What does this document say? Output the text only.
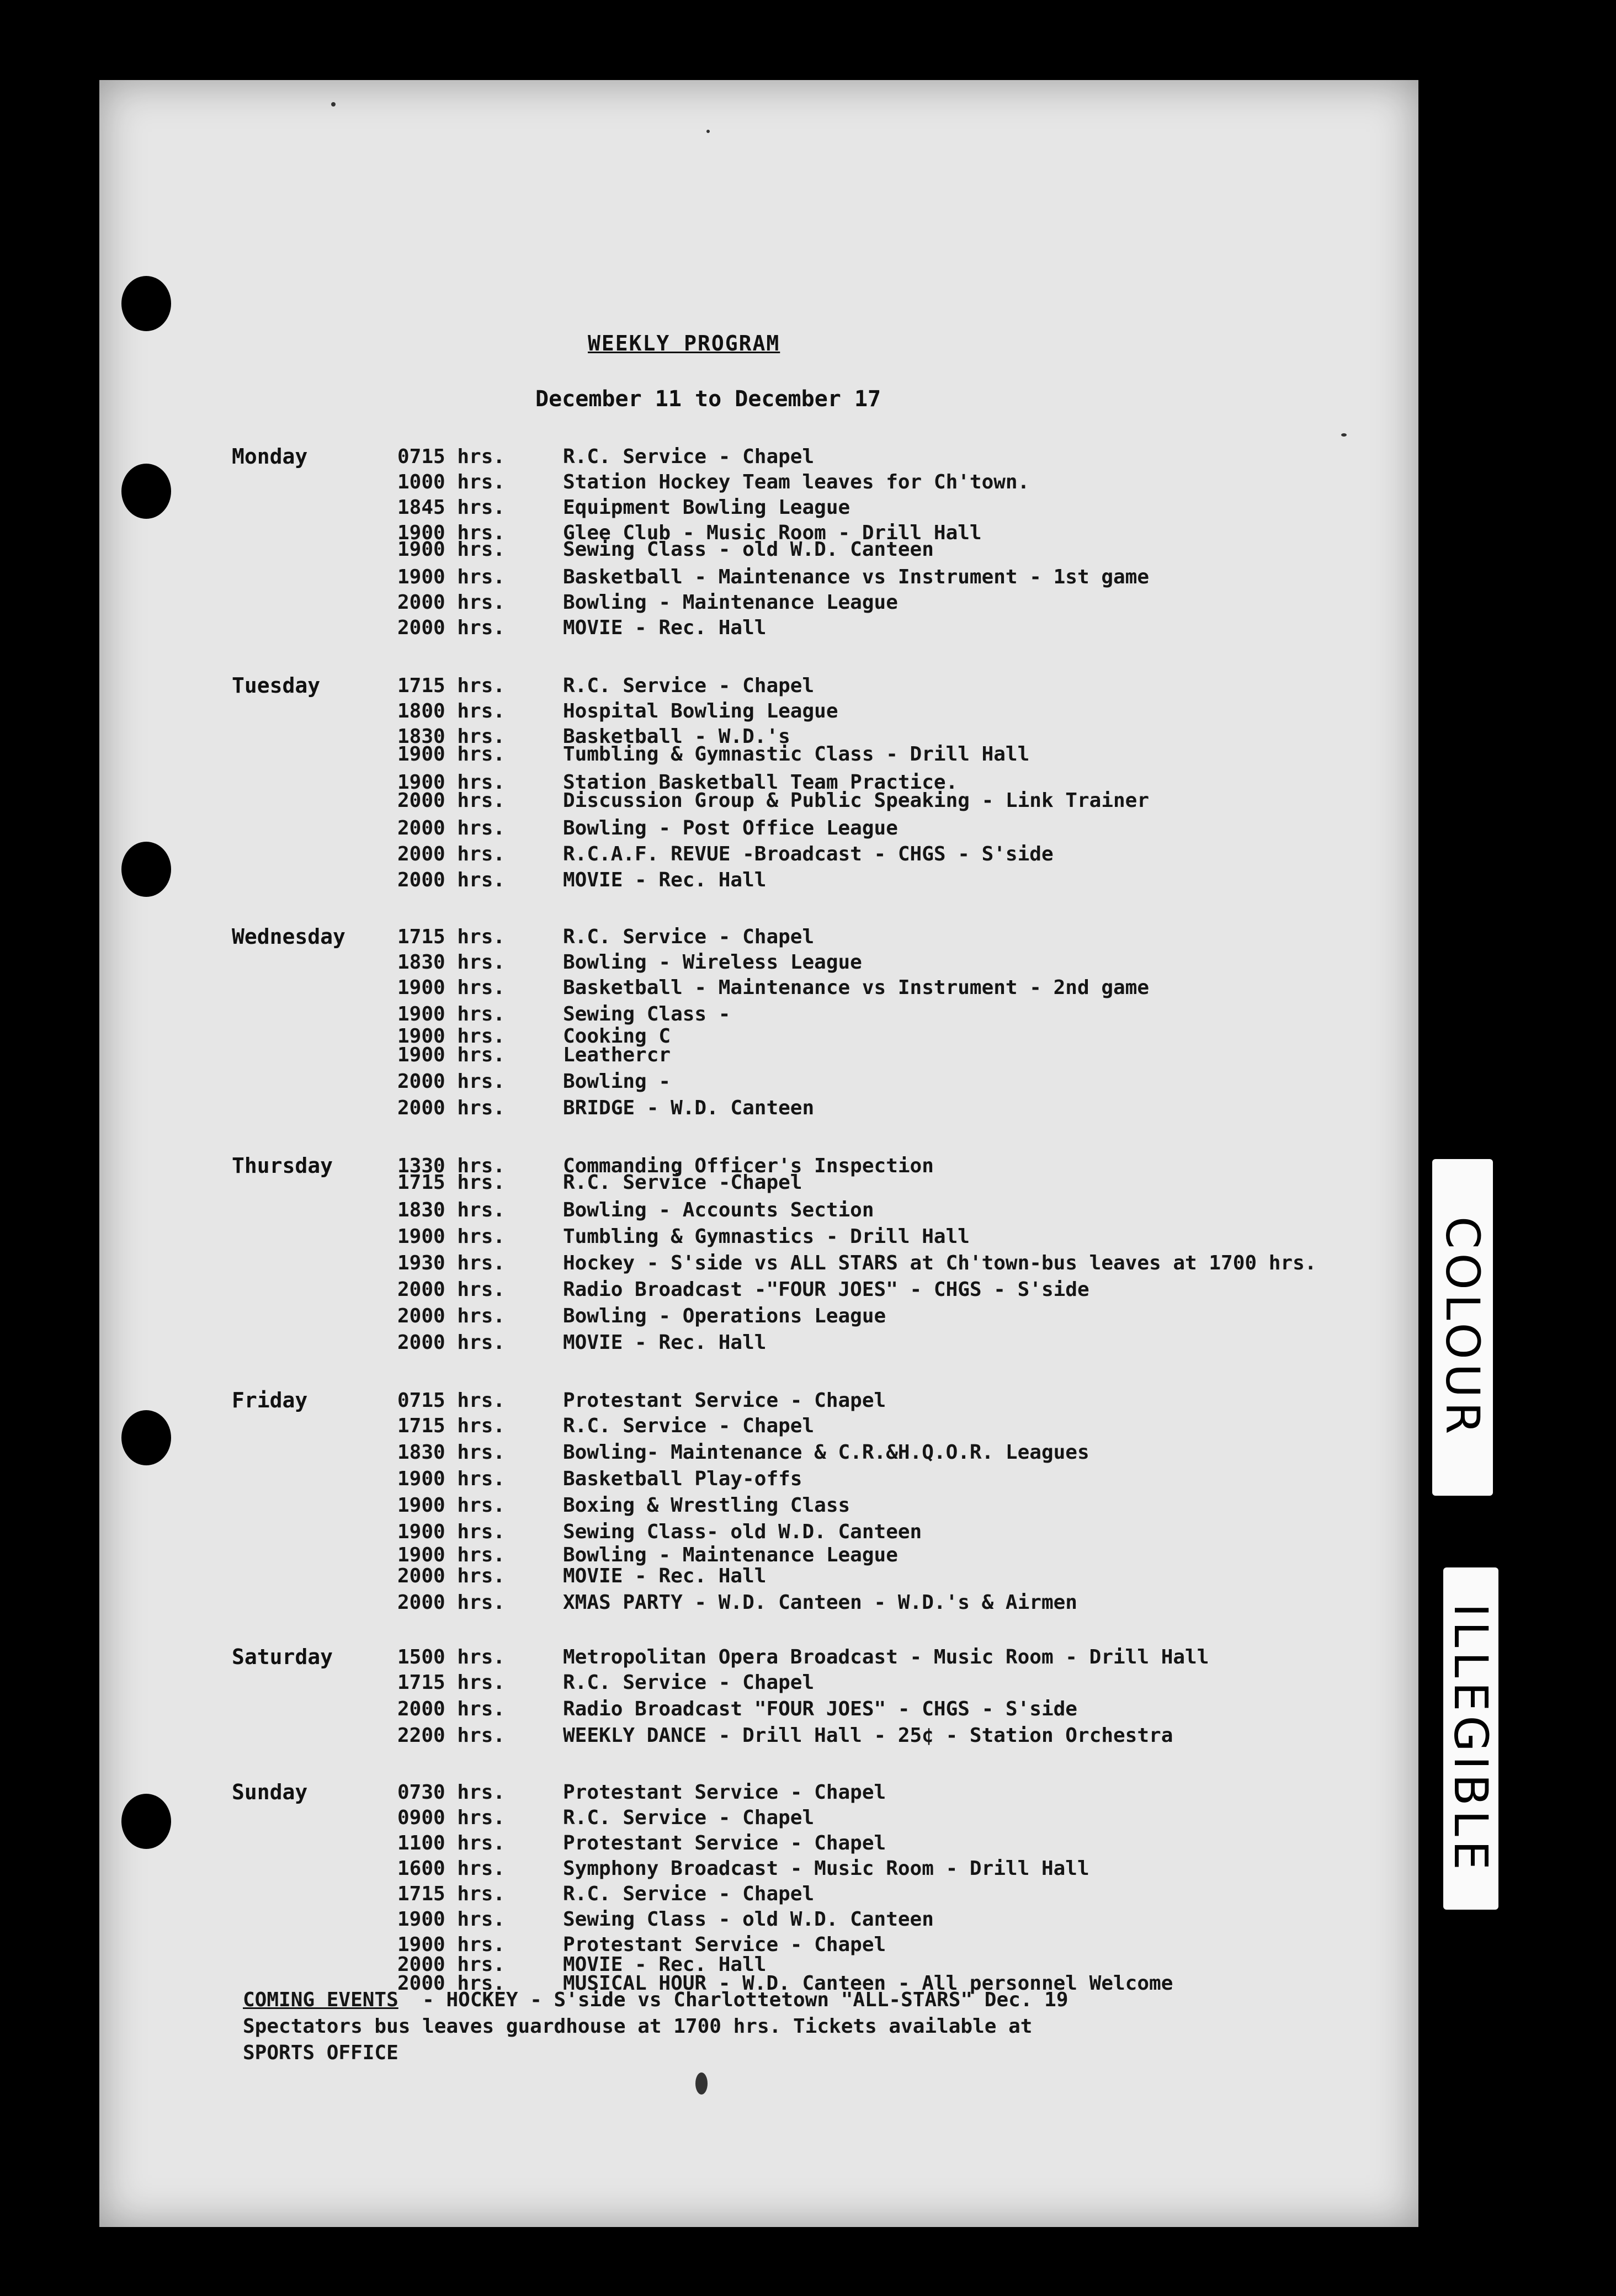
WEEKLY PROGRAM
December 11 to December 17
Monday	0715 hrs.	R.C. Service - Chapel
1000 hrs.	Station Hockey Team leaves for Ch'town.
1845 hrs.	Equipment Bowling League
1900 hrs.	Glee Club - Music Room - Drill Hall
1900 hrs.	Sewing Class - old W.D. Canteen
1900 hrs.	Basketball - Maintenance vs Instrument - 1st game
2000 hrs.	Bowling - Maintenance League
2000 hrs.	MOVIE - Rec. Hall
Tuesday	1715 hrs.	R.C. Service - Chapel
1800 hrs.	Hospital Bowling League
1830 hrs.	Basketball - W.D.'s
1900 hrs.	Tumbling & Gymnastic Class - Drill Hall
1900 hrs.	Station Basketball Team Practice.
2000 hrs.	Discussion Group & Public Speaking - Link Trainer
2000 hrs.	Bowling - Post Office League
2000 hrs.	R.C.A.F. REVUE -Broadcast - CHGS - S'side
2000 hrs.	MOVIE - Rec. Hall
Wednesday	1715 hrs.	R.C. Service - Chapel
1830 hrs.	Bowling - Wireless League
1900 hrs.	Basketball - Maintenance vs Instrument - 2nd game
1900 hrs.	Sewing Class -
1900 hrs.	Cooking C
1900 hrs.	Leathercr
2000 hrs.	Bowling -
2000 hrs.	BRIDGE - W.D. Canteen
Thursday	1330 hrs.	Commanding Officer's Inspection
1715 hrs.	R.C. Service -Chapel
1830 hrs.	Bowling - Accounts Section
1900 hrs.	Tumbling & Gymnastics - Drill Hall
1930 hrs.	Hockey - S'side vs ALL STARS at Ch'town-bus leaves at 1700 hrs.
2000 hrs.	Radio Broadcast -"FOUR JOES" - CHGS - S'side
2000 hrs.	Bowling - Operations League
2000 hrs.	MOVIE - Rec. Hall
Friday	0715 hrs.	Protestant Service - Chapel
1715 hrs.	R.C. Service - Chapel
1830 hrs.	Bowling- Maintenance & C.R.&H.Q.O.R. Leagues
1900 hrs.	Basketball Play-offs
1900 hrs.	Boxing & Wrestling Class
1900 hrs.	Sewing Class- old W.D. Canteen
1900 hrs.	Bowling - Maintenance League
2000 hrs.	MOVIE - Rec. Hall
2000 hrs.	XMAS PARTY - W.D. Canteen - W.D.'s & Airmen
Saturday	1500 hrs.	Metropolitan Opera Broadcast - Music Room - Drill Hall
1715 hrs.	R.C. Service - Chapel
2000 hrs.	Radio Broadcast "FOUR JOES" - CHGS - S'side
2200 hrs.	WEEKLY DANCE - Drill Hall - 25¢ - Station Orchestra
Sunday	0730 hrs.	Protestant Service - Chapel
0900 hrs.	R.C. Service - Chapel
1100 hrs.	Protestant Service - Chapel
1600 hrs.	Symphony Broadcast - Music Room - Drill Hall
1715 hrs.	R.C. Service - Chapel
1900 hrs.	Sewing Class - old W.D. Canteen
1900 hrs.	Protestant Service - Chapel
2000 hrs.	MOVIE - Rec. Hall
2000 hrs.	MUSICAL HOUR - W.D. Canteen - All personnel Welcome
COMING EVENTS - HOCKEY - S'side vs Charlottetown "ALL-STARS" Dec. 19
Spectators bus leaves guardhouse at 1700 hrs. Tickets available at
SPORTS OFFICE
COLOUR
ILLEGIBLE
